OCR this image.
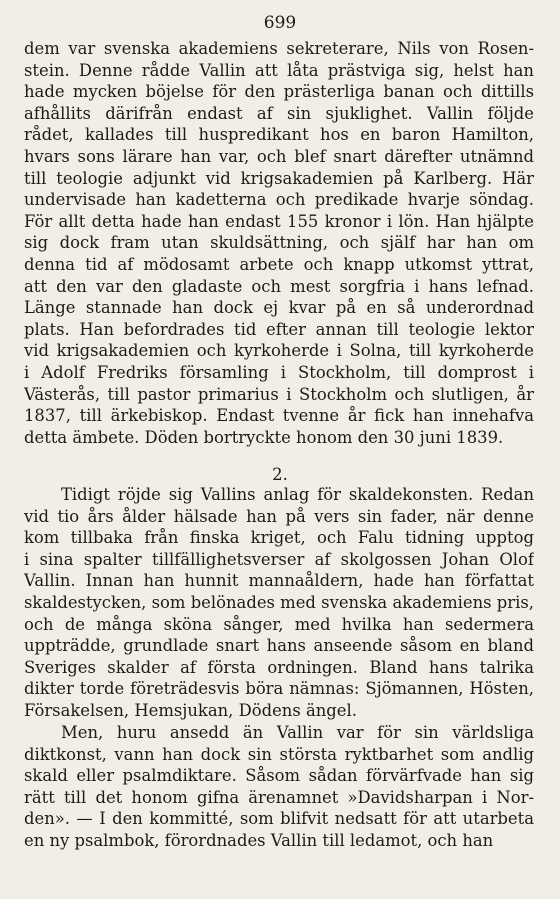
699
dem var svenska akademiens sekreterare, Nils von Rosen-
stein. Denne rådde Vallin att låta prästviga sig, helst han
hade mycken böjelse för den prästerliga banan och dittills
afhållits därifrån endast af sin sjuklighet. Vallin följde
rådet, kallades till huspredikant hos en baron Hamilton,
hvars sons lärare han var, och blef snart därefter utnämnd
till teologie adjunkt vid krigsakademien på Karlberg. Här
undervisade han kadetterna och predikade hvarje söndag.
För allt detta hade han endast 155 kronor i lön. Han hjälpte
sig dock fram utan skuldsättning, och själf har han om
denna tid af mödosamt arbete och knapp utkomst yttrat,
att den var den gladaste och mest sorgfria i hans lefnad.
Länge stannade han dock ej kvar på en så underordnad
plats. Han befordrades tid efter annan till teologie lektor
vid krigsakademien och kyrkoherde i Solna, till kyrkoherde
i Adolf Fredriks församling i Stockholm, till domprost i
Västerås, till pastor primarius i Stockholm och slutligen, år
1837, till ärkebiskop. Endast tvenne år fick han innehafva
detta ämbete. Döden bortryckte honom den 30 juni 1839.
2.
Tidigt röjde sig Vallins anlag för skaldekonsten. Redan
vid tio års ålder hälsade han på vers sin fader, när denne
kom tillbaka från finska kriget, och Falu tidning upptog
i sina spalter tillfällighetsverser af skolgossen Johan Olof
Vallin. Innan han hunnit mannaåldern, hade han författat
skaldestycken, som belönades med svenska akademiens pris,
och de många sköna sånger, med hvilka han sedermera
uppträdde, grundlade snart hans anseende såsom en bland
Sveriges skalder af första ordningen. Bland hans talrika
dikter torde företrädesvis böra nämnas: Sjömannen, Hösten,
Försakelsen, Hemsjukan, Dödens ängel.
Men, huru ansedd än Vallin var för sin världsliga
diktkonst, vann han dock sin största ryktbarhet som andlig
skald eller psalmdiktare. Såsom sådan förvärfvade han sig
rätt till det honom gifna ärenamnet »Davidsharpan i Nor-
den». — I den kommitté, som blifvit nedsatt för att utarbeta
en ny psalmbok, förordnades Vallin till ledamot, och han
